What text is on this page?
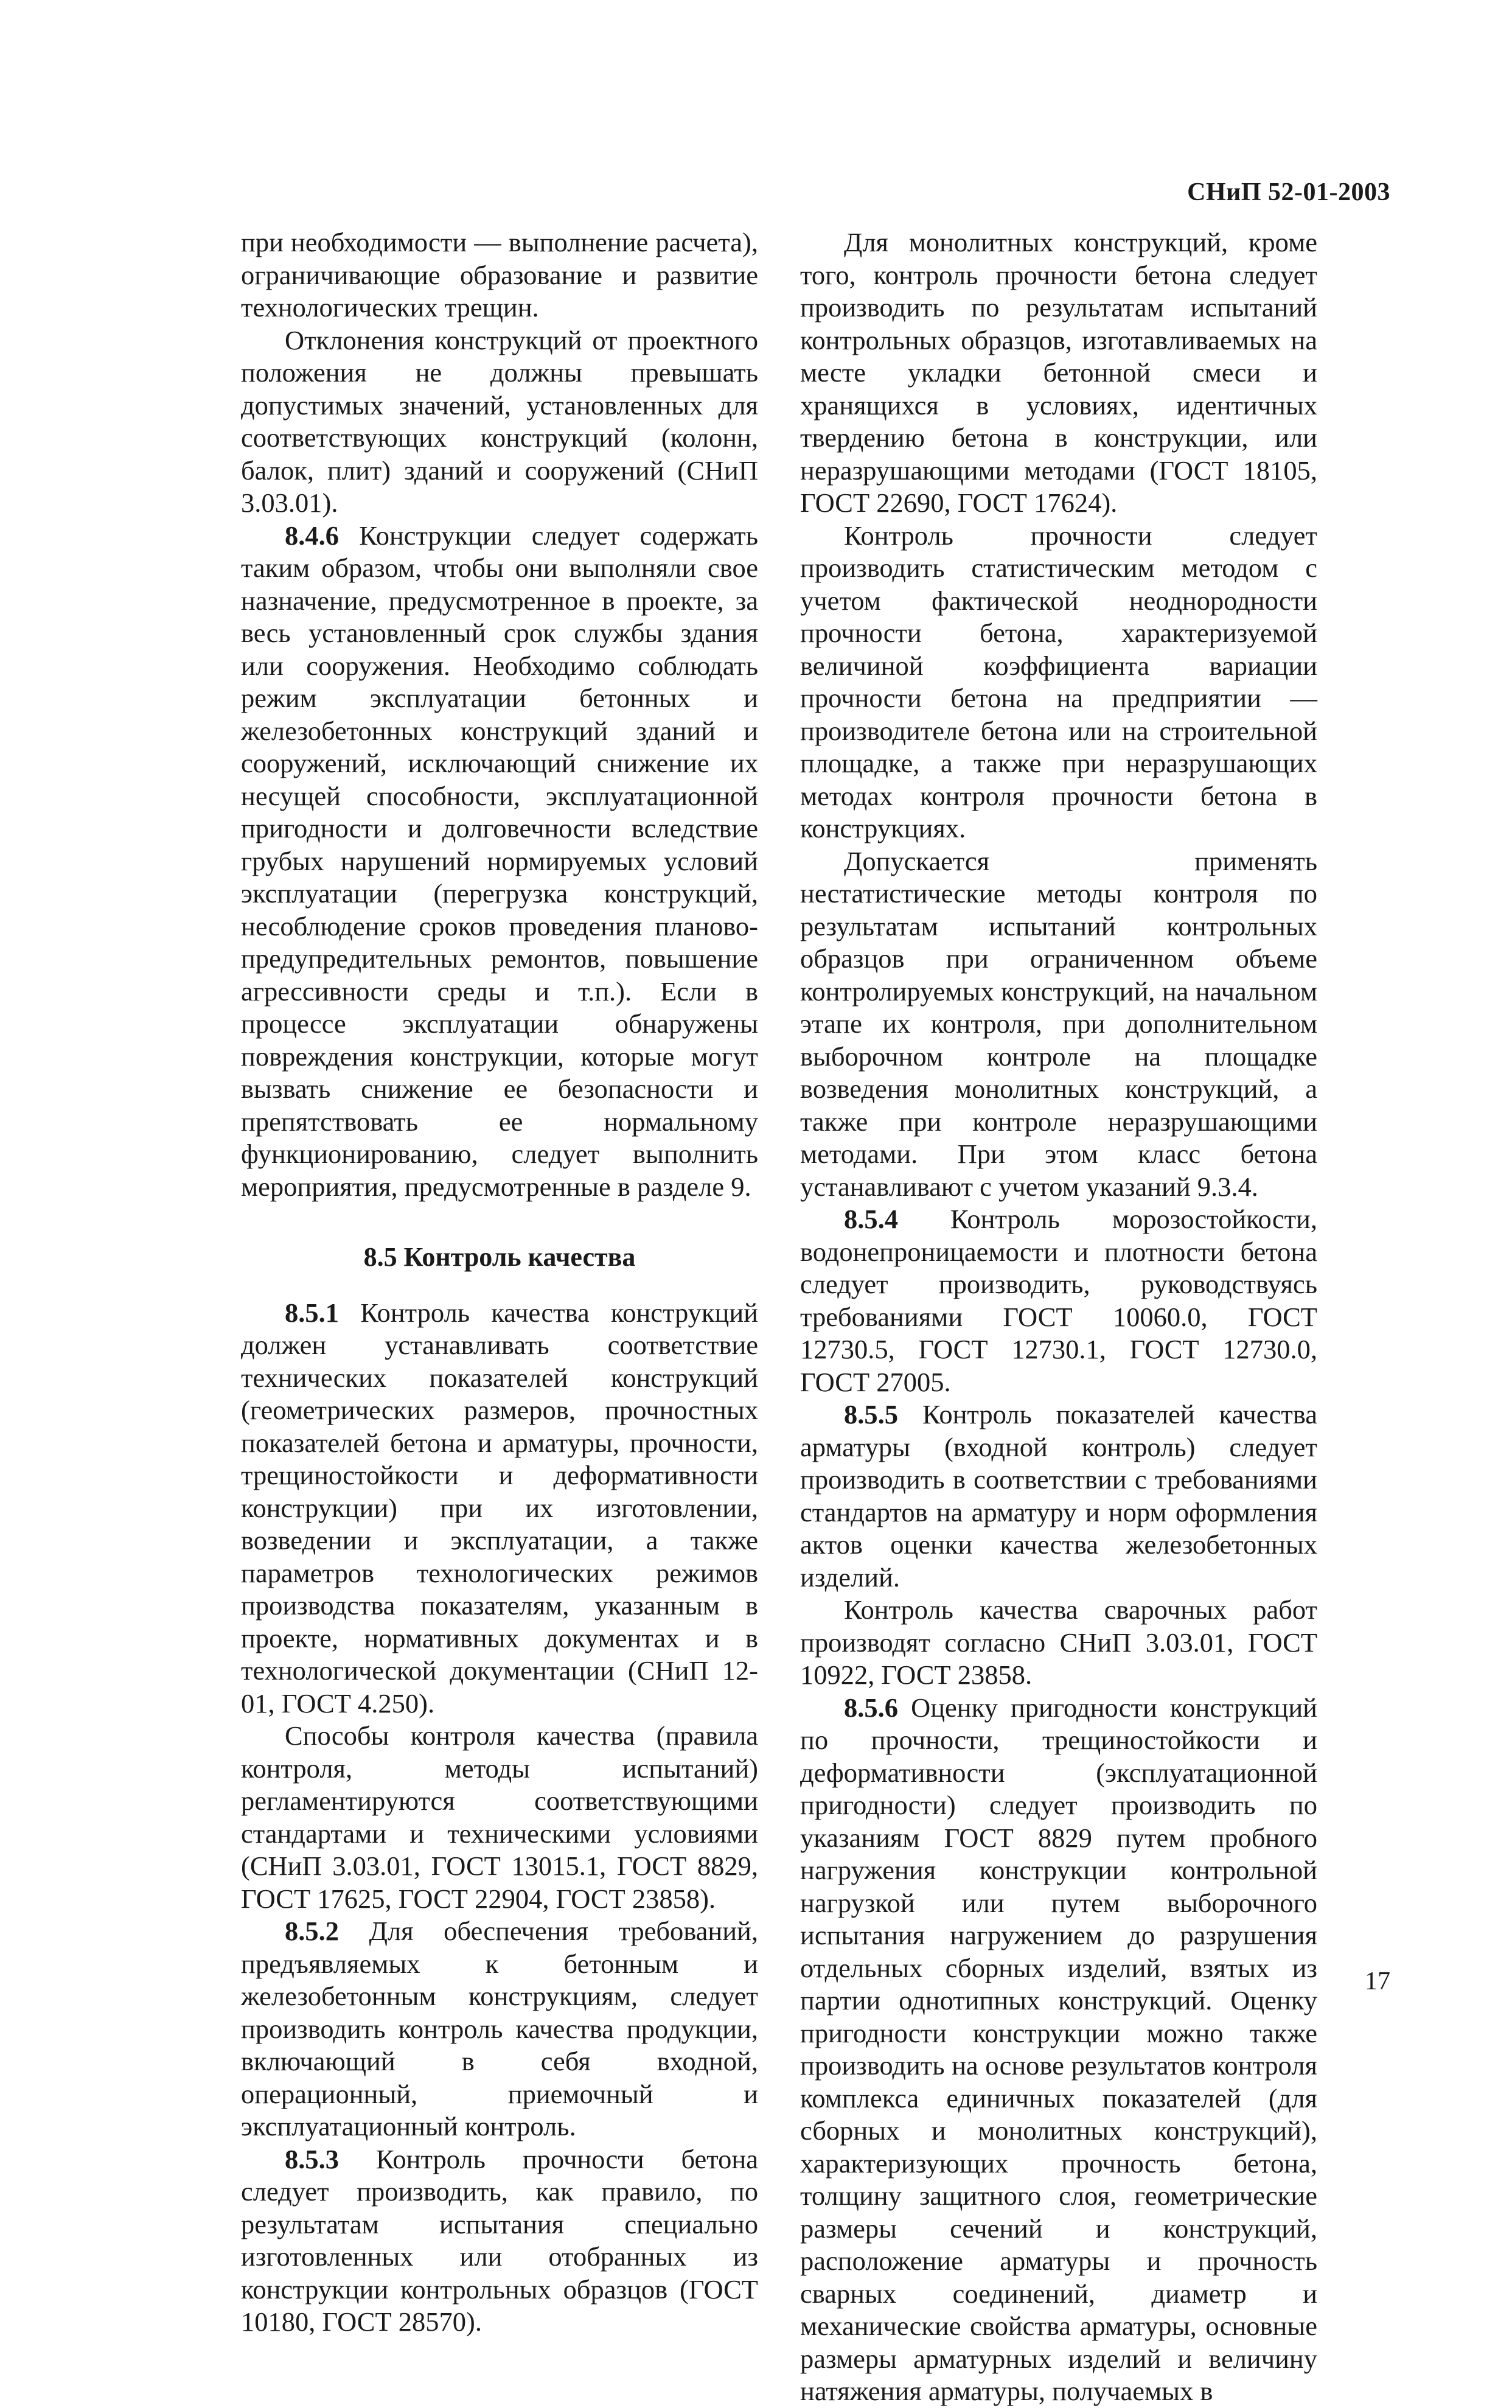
СНиП 52-01-2003

при необходимости — выполнение расчета), ограничивающие образование и развитие технологических трещин.

Отклонения конструкций от проектного положения не должны превышать допустимых значений, установленных для соответствующих конструкций (колонн, балок, плит) зданий и сооружений (СНиП 3.03.01).

8.4.6 Конструкции следует содержать таким образом, чтобы они выполняли свое назначение, предусмотренное в проекте, за весь установленный срок службы здания или сооружения. Необходимо соблюдать режим эксплуатации бетонных и железобетонных конструкций зданий и сооружений, исключающий снижение их несущей способности, эксплуатационной пригодности и долговечности вследствие грубых нарушений нормируемых условий эксплуатации (перегрузка конструкций, несоблюдение сроков проведения планово-предупредительных ремонтов, повышение агрессивности среды и т.п.). Если в процессе эксплуатации обнаружены повреждения конструкции, которые могут вызвать снижение ее безопасности и препятствовать ее нормальному функционированию, следует выполнить мероприятия, предусмотренные в разделе 9.

8.5 Контроль качества

8.5.1 Контроль качества конструкций должен устанавливать соответствие технических показателей конструкций (геометрических размеров, прочностных показателей бетона и арматуры, прочности, трещиностойкости и деформативности конструкции) при их изготовлении, возведении и эксплуатации, а также параметров технологических режимов производства показателям, указанным в проекте, нормативных документах и в технологической документации (СНиП 12-01, ГОСТ 4.250).

Способы контроля качества (правила контроля, методы испытаний) регламентируются соответствующими стандартами и техническими условиями (СНиП 3.03.01, ГОСТ 13015.1, ГОСТ 8829, ГОСТ 17625, ГОСТ 22904, ГОСТ 23858).

8.5.2 Для обеспечения требований, предъявляемых к бетонным и железобетонным конструкциям, следует производить контроль качества продукции, включающий в себя входной, операционный, приемочный и эксплуатационный контроль.

8.5.3 Контроль прочности бетона следует производить, как правило, по результатам испытания специально изготовленных или отобранных из конструкции контрольных образцов (ГОСТ 10180, ГОСТ 28570).

Для монолитных конструкций, кроме того, контроль прочности бетона следует производить по результатам испытаний контрольных образцов, изготавливаемых на месте укладки бетонной смеси и хранящихся в условиях, идентичных твердению бетона в конструкции, или неразрушающими методами (ГОСТ 18105, ГОСТ 22690, ГОСТ 17624).

Контроль прочности следует производить статистическим методом с учетом фактической неоднородности прочности бетона, характеризуемой величиной коэффициента вариации прочности бетона на предприятии — производителе бетона или на строительной площадке, а также при неразрушающих методах контроля прочности бетона в конструкциях.

Допускается применять нестатистические методы контроля по результатам испытаний контрольных образцов при ограниченном объеме контролируемых конструкций, на начальном этапе их контроля, при дополнительном выборочном контроле на площадке возведения монолитных конструкций, а также при контроле неразрушающими методами. При этом класс бетона устанавливают с учетом указаний 9.3.4.

8.5.4 Контроль морозостойкости, водонепроницаемости и плотности бетона следует производить, руководствуясь требованиями ГОСТ 10060.0, ГОСТ 12730.5, ГОСТ 12730.1, ГОСТ 12730.0, ГОСТ 27005.

8.5.5 Контроль показателей качества арматуры (входной контроль) следует производить в соответствии с требованиями стандартов на арматуру и норм оформления актов оценки качества железобетонных изделий.

Контроль качества сварочных работ производят согласно СНиП 3.03.01, ГОСТ 10922, ГОСТ 23858.

8.5.6 Оценку пригодности конструкций по прочности, трещиностойкости и деформативности (эксплуатационной пригодности) следует производить по указаниям ГОСТ 8829 путем пробного нагружения конструкции контрольной нагрузкой или путем выборочного испытания нагружением до разрушения отдельных сборных изделий, взятых из партии однотипных конструкций. Оценку пригодности конструкции можно также производить на основе результатов контроля комплекса единичных показателей (для сборных и монолитных конструкций), характеризующих прочность бетона, толщину защитного слоя, геометрические размеры сечений и конструкций, расположение арматуры и прочность сварных соединений, диаметр и механические свойства арматуры, основные размеры арматурных изделий и величину натяжения арматуры, получаемых в

17
